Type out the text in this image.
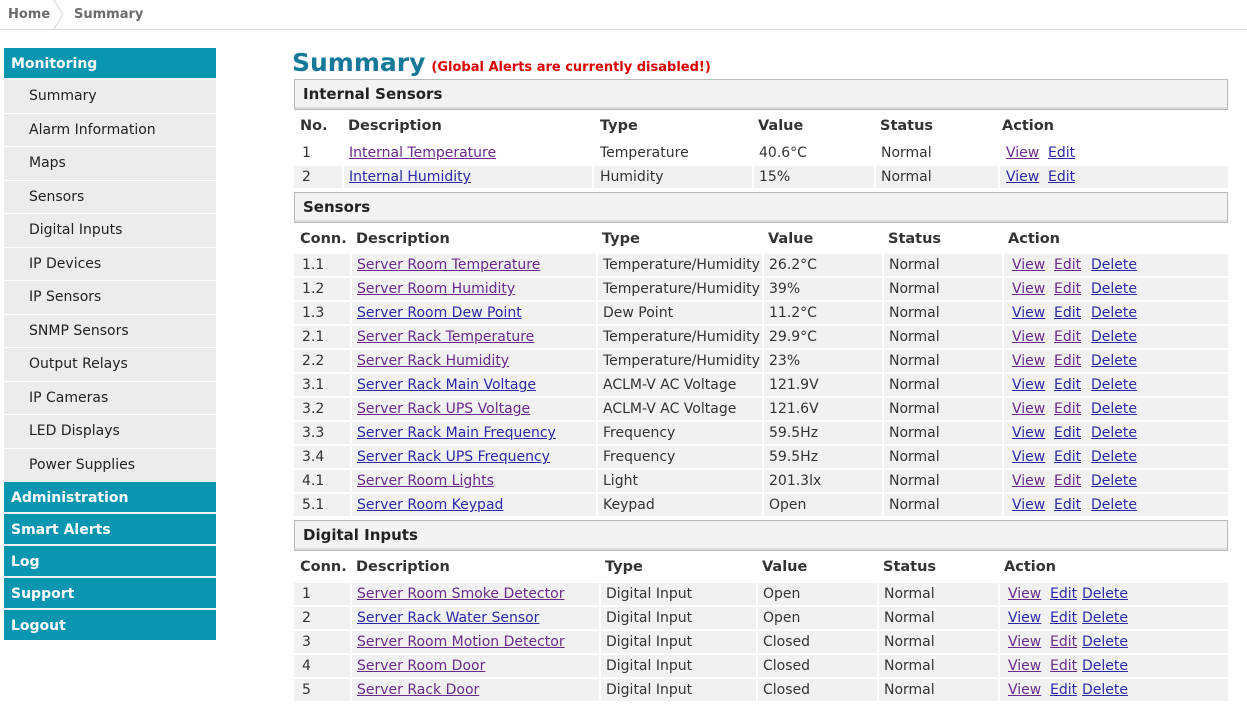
Home Summary
Monitoring
Summary
Alarm Information
Maps
Sensors
Digital Inputs
IP Devices
IP Sensors
SNMP Sensors
Output Relays
IP Cameras
LED Displays
Power Supplies
Administration
Smart Alerts
Log
Support
Logout
Summary (Global Alerts are currently disabled!)
Internal Sensors
No. Description	Type	Value	Status	Action
1	Internal Temperature	Temperature	40.6°C	Normal	View Edit
2	Internal Humidity	Humidity	15%	Normal	View Edit
Sensors
Conn. Description	Type	Value	Status	Action
1.1 Server Room Temperature	Temperature/Humidity 26.2°C	Normal	View Edit Delete
1.2 Server Room Humidity	Temperature/Humidity 39%	Normal	View Edit Delete
1.3 Server Room Dew Point	Dew Point	11.2°C	Normal	View Edit Delete
2.1 Server Rack Temperature	Temperature/Humidity 29.9°C	Normal	View Edit Delete
2.2 Server Rack Humidity	Temperature/Humidity 23%	Normal	View Edit Delete
3.1 Server Rack Main Voltage	ACLM-V AC Voltage 121.9V	Normal	View Edit Delete
3.2 Server Rack UPS Voltage	ACLM-V AC Voltage 121.6V	Normal	View Edit Delete
3.3 Server Rack Main Frequency	Frequency	59.5Hz	Normal	View Edit Delete
3.4 Server Rack UPS Frequency	Frequency	59.5Hz	Normal	View Edit Delete
4.1 Server Room Lights	Light	201.3lx	Normal	View Edit Delete
5.1 Server Room Keypad	Keypad	Open	Normal	View Edit Delete
Digital Inputs
Conn. Description	Type	Value	Status	Action
1	Server Room Smoke Detector	Digital Input	Open	Normal	View Edit Delete
2	Server Rack Water Sensor	Digital Input	Open	Normal	View Edit Delete
3	Server Room Motion Detector	Digital Input	Closed	Normal	View Edit Delete
4	Server Room Door	Digital Input	Closed	Normal	View Edit Delete
5	Server Rack Door	Digital Input	Closed	Normal	View Edit Delete
